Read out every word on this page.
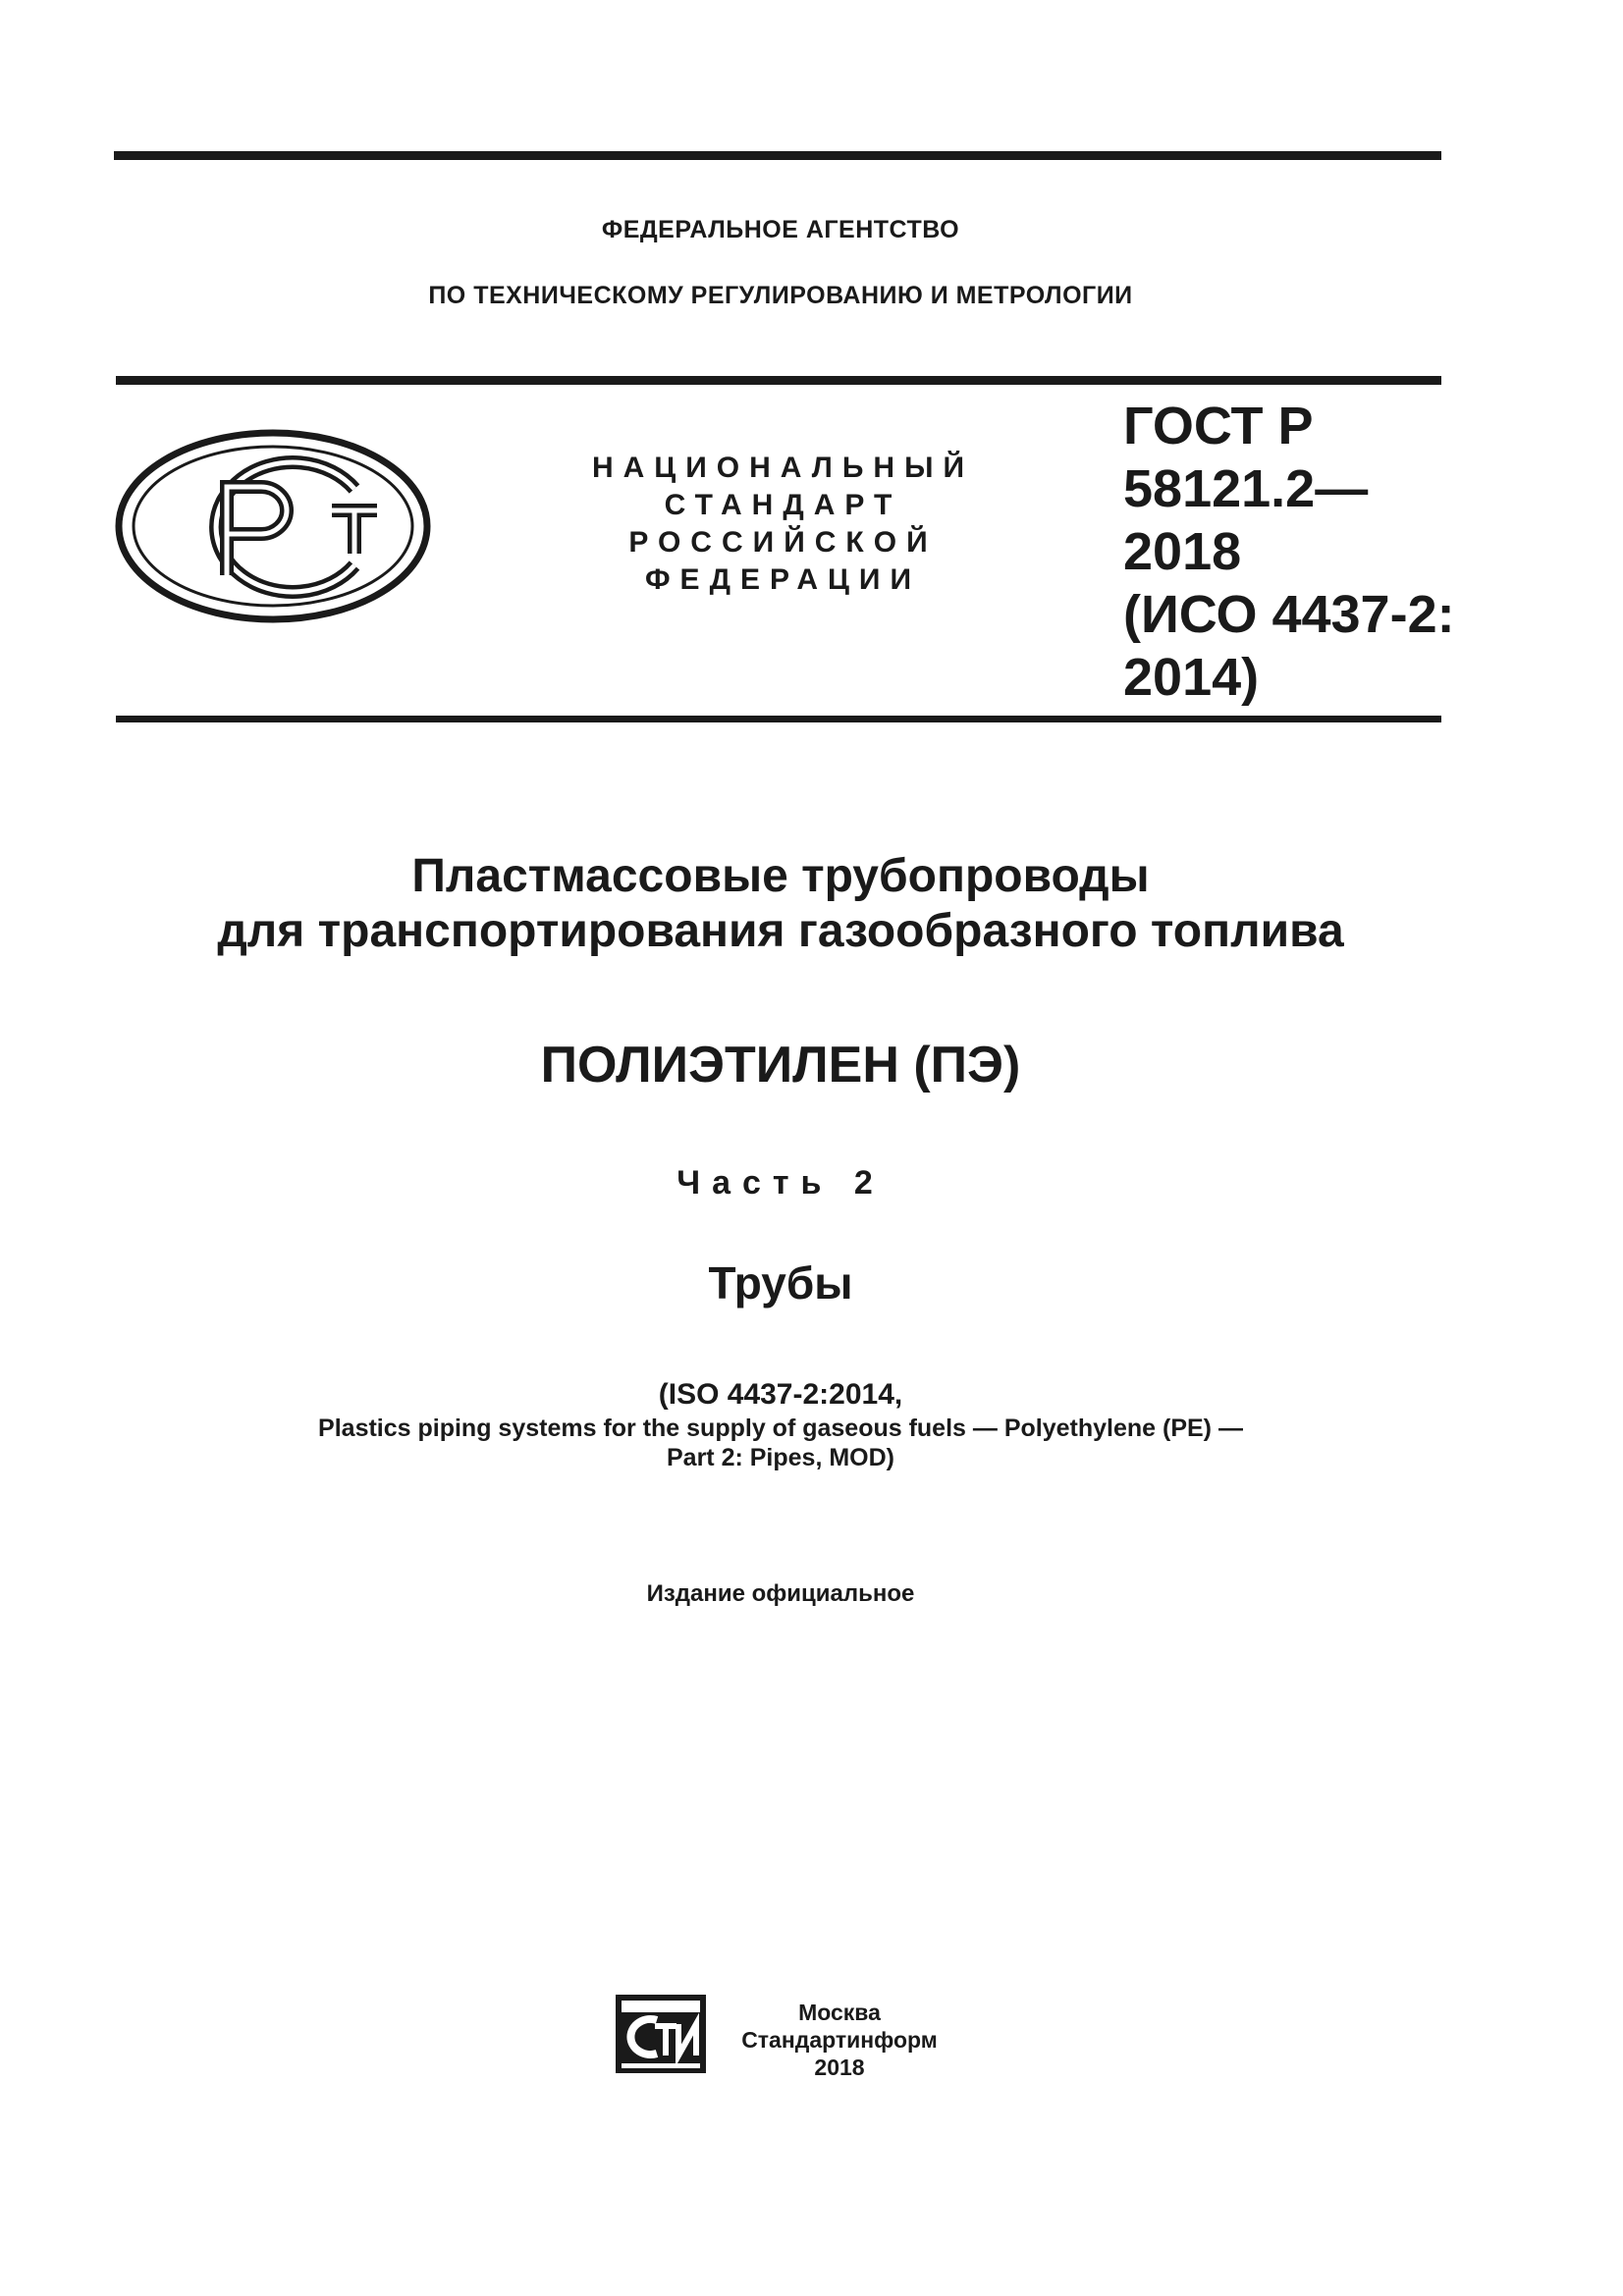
ФЕДЕРАЛЬНОЕ АГЕНТСТВО
ПО ТЕХНИЧЕСКОМУ РЕГУЛИРОВАНИЮ И МЕТРОЛОГИИ
НАЦИОНАЛЬНЫЙ
СТАНДАРТ
РОССИЙСКОЙ
ФЕДЕРАЦИИ
ГОСТ Р
58121.2—
2018
(ИСО 4437-2:
2014)
Пластмассовые трубопроводы
для транспортирования газообразного топлива
ПОЛИЭТИЛЕН (ПЭ)
Часть 2
Трубы
(ISO 4437-2:2014,
Plastics piping systems for the supply of gaseous fuels — Polyethylene (PE) —
Part 2: Pipes, MOD)
Издание официальное
Москва
Стандартинформ
2018
